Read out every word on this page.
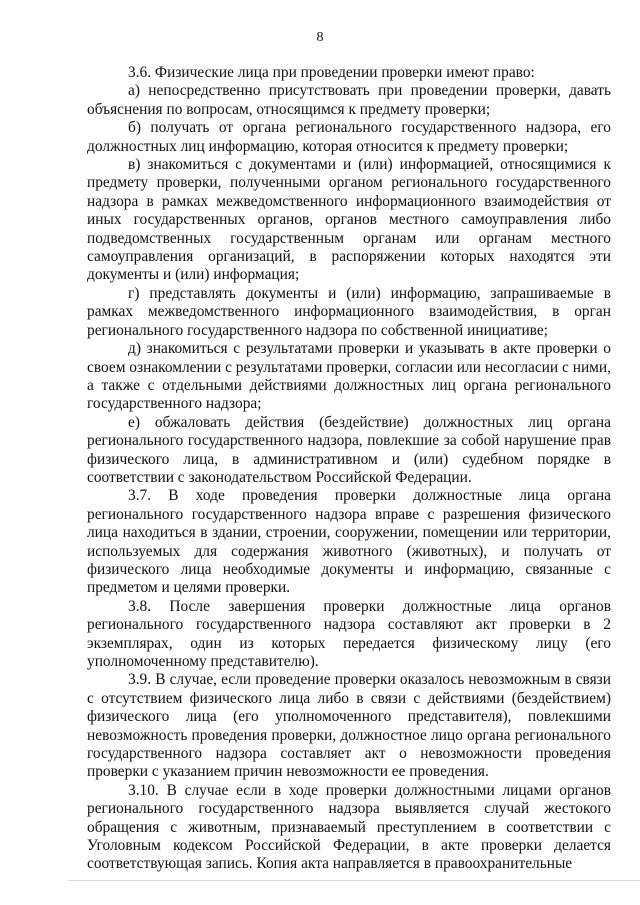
8

3.6. Физические лица при проведении проверки имеют право:

а) непосредственно присутствовать при проведении проверки, давать объяснения по вопросам, относящимся к предмету проверки;

б) получать от органа регионального государственного надзора, его должностных лиц информацию, которая относится к предмету проверки;

в) знакомиться с документами и (или) информацией, относящимися к предмету проверки, полученными органом регионального государственного надзора в рамках межведомственного информационного взаимодействия от иных государственных органов, органов местного самоуправления либо подведомственных государственным органам или органам местного самоуправления организаций, в распоряжении которых находятся эти документы и (или) информация;

г) представлять документы и (или) информацию, запрашиваемые в рамках межведомственного информационного взаимодействия, в орган регионального государственного надзора по собственной инициативе;

д) знакомиться с результатами проверки и указывать в акте проверки о своем ознакомлении с результатами проверки, согласии или несогласии с ними, а также с отдельными действиями должностных лиц органа регионального государственного надзора;

е) обжаловать действия (бездействие) должностных лиц органа регионального государственного надзора, повлекшие за собой нарушение прав физического лица, в административном и (или) судебном порядке в соответствии с законодательством Российской Федерации.

3.7. В ходе проведения проверки должностные лица органа регионального государственного надзора вправе с разрешения физического лица находиться в здании, строении, сооружении, помещении или территории, используемых для содержания животного (животных), и получать от физического лица необходимые документы и информацию, связанные с предметом и целями проверки.

3.8. После завершения проверки должностные лица органов регионального государственного надзора составляют акт проверки в 2 экземплярах, один из которых передается физическому лицу (его уполномоченному представителю).

3.9. В случае, если проведение проверки оказалось невозможным в связи с отсутствием физического лица либо в связи с действиями (бездействием) физического лица (его уполномоченного представителя), повлекшими невозможность проведения проверки, должностное лицо органа регионального государственного надзора составляет акт о невозможности проведения проверки с указанием причин невозможности ее проведения.

3.10. В случае если в ходе проверки должностными лицами органов регионального государственного надзора выявляется случай жестокого обращения с животным, признаваемый преступлением в соответствии с Уголовным кодексом Российской Федерации, в акте проверки делается соответствующая запись. Копия акта направляется в правоохранительные
